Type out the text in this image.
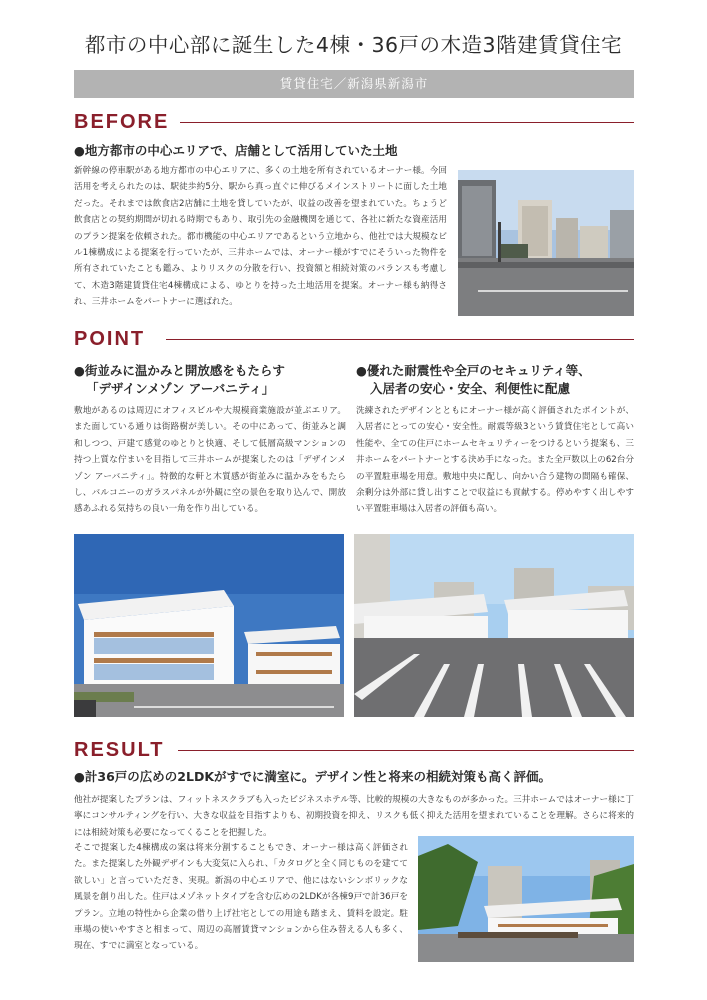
都市の中心部に誕生した4棟・36戸の木造3階建賃貸住宅
賃貸住宅／新潟県新潟市
BEFORE
●地方都市の中心エリアで、店舗として活用していた土地
新幹線の停車駅がある地方都市の中心エリアに、多くの土地を所有されているオーナー様。今回活用を考えられたのは、駅徒歩約5分、駅から真っ直ぐに伸びるメインストリートに面した土地だった。それまでは飲食店2店舗に土地を貸していたが、収益の改善を望まれていた。ちょうど飲食店との契約期間が切れる時期でもあり、取引先の金融機関を通じて、各社に新たな資産活用のプラン提案を依頼された。都市機能の中心エリアであるという立地から、他社では大規模なビル1棟構成による提案を行っていたが、三井ホームでは、オーナー様がすでにそういった物件を所有されていたことも鑑み、よりリスクの分散を行い、投資額と相続対策のバランスも考慮して、木造3階建賃貸住宅4棟構成による、ゆとりを持った土地活用を提案。オーナー様も納得され、三井ホームをパートナーに選ばれた。
POINT
●街並みに温かみと開放感をもたらす
「デザインメゾン アーバニティ」
敷地があるのは周辺にオフィスビルや大規模商業施設が並ぶエリア。また面している通りは街路樹が美しい。その中にあって、街並みと調和しつつ、戸建て感覚のゆとりと快適、そして低層高級マンションの持つ上質な佇まいを目指して三井ホームが提案したのは「デザインメゾン アーバニティ」。特徴的な軒と木質感が街並みに温かみをもたらし、バルコニーのガラスパネルが外観に空の景色を取り込んで、開放感あふれる気持ちの良い一角を作り出している。
●優れた耐震性や全戸のセキュリティ等、
入居者の安心・安全、利便性に配慮
洗練されたデザインとともにオーナー様が高く評価されたポイントが、入居者にとっての安心・安全性。耐震等級3という賃貸住宅として高い性能や、全ての住戸にホームセキュリティーをつけるという提案も、三井ホームをパートナーとする決め手になった。また全戸数以上の62台分の平置駐車場を用意。敷地中央に配し、向かい合う建物の間隔も確保、余剰分は外部に貸し出すことで収益にも貢献する。停めやすく出しやすい平置駐車場は入居者の評価も高い。
RESULT
●計36戸の広めの2LDKがすでに満室に。デザイン性と将来の相続対策も高く評価。
他社が提案したプランは、フィットネスクラブも入ったビジネスホテル等、比較的規模の大きなものが多かった。三井ホームではオーナー様に丁寧にコンサルティングを行い、大きな収益を目指すよりも、初期投資を抑え、リスクも低く抑えた活用を望まれていることを理解。さらに将来的には相続対策も必要になってくることを把握した。
そこで提案した4棟構成の案は将来分割することもでき、オーナー様は高く評価された。また提案した外観デザインも大変気に入られ、「カタログと全く同じものを建てて欲しい」と言っていただき、実現。新潟の中心エリアで、他にはないシンボリックな風景を創り出した。住戸はメゾネットタイプを含む広めの2LDKが各棟9戸で計36戸をプラン。立地の特性から企業の借り上げ社宅としての用途も踏まえ、賃料を設定。駐車場の使いやすさと相まって、周辺の高層賃貸マンションから住み替える人も多く、現在、すでに満室となっている。
